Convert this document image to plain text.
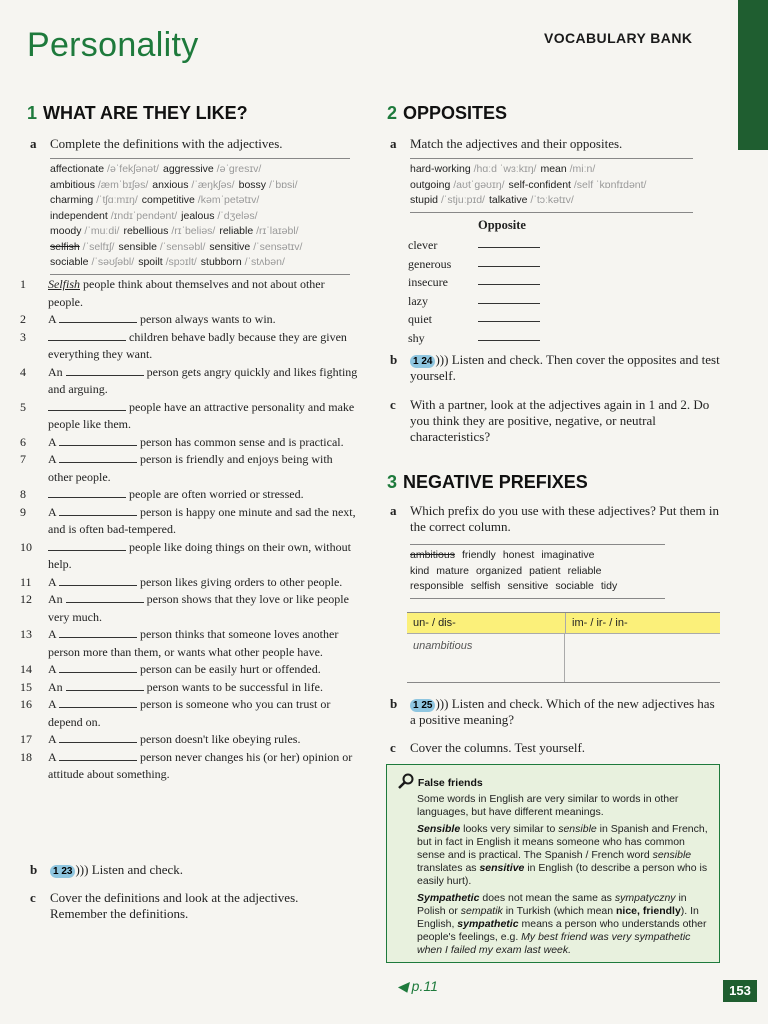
Personality	VOCABULARY BANK
1 WHAT ARE THEY LIKE?
a Complete the definitions with the adjectives.
affectionate /əˈfekʃənət/ aggressive /əˈgresɪv/
ambitious /æmˈbɪʃəs/ anxious /ˈæŋkʃəs/ bossy /ˈbɒsi/
charming /ˈtʃɑːmɪŋ/ competitive /kəmˈpetətɪv/
independent /ɪndɪˈpendənt/ jealous /ˈdʒeləs/
moody /ˈmuːdi/ rebellious /rɪˈbeliəs/ reliable /rɪˈlaɪəbl/
selfish /ˈselfɪʃ/ sensible /ˈsensəbl/ sensitive /ˈsensətɪv/
sociable /ˈsəʊʃəbl/ spoilt /spɔɪlt/ stubborn /ˈstʌbən/
1	Selfish people think about themselves and not about other people.
2	A	person always wants to win.
3	children behave badly because they are given everything they want.
4	An	person gets angry quickly and likes fighting and arguing.
5	people have an attractive personality and make people like them.
6	A	person has common sense and is practical.
7	A	person is friendly and enjoys being with other people.
8	people are often worried or stressed.
9	A	person is happy one minute and sad the next, and is often bad-tempered.
10	people like doing things on their own, without help.
11	A	person likes giving orders to other people.
12	An	person shows that they love or like people very much.
13	A	person thinks that someone loves another person more than them, or wants what other people have.
14	A	person can be easily hurt or offended.
15	An	person wants to be successful in life.
16	A	person is someone who you can trust or depend on.
17	A	person doesn't like obeying rules.
18	A	person never changes his (or her) opinion or attitude about something.
b 1 23 ))) Listen and check.
c	Cover the definitions and look at the adjectives. Remember the definitions.
2 OPPOSITES
a Match the adjectives and their opposites.
hard-working /hɑːd ˈwɜːkɪŋ/ mean /miːn/
outgoing /aʊtˈgəʊɪŋ/ self-confident /self ˈkɒnfɪdənt/
stupid /ˈstjuːpɪd/ talkative /ˈtɔːkətɪv/
Opposite
clever
generous
insecure
lazy
quiet
shy
b	1 24 ))) Listen and check. Then cover the opposites and test yourself.
c	With a partner, look at the adjectives again in 1 and 2. Do you think they are positive, negative, or neutral characteristics?
3 NEGATIVE PREFIXES
a	Which prefix do you use with these adjectives? Put them in the correct column.
ambitious friendly honest imaginative
kind mature organized patient reliable
responsible selfish sensitive sociable tidy
un- / dis-	im- / ir- / in-
unambitious
b	1 25 ))) Listen and check. Which of the new adjectives has a positive meaning?
c Cover the columns. Test yourself.

False friends

Some words in English are very similar to words in other languages, but have different meanings.

Sensible looks very similar to sensible in Spanish and French, but in fact in English it means someone who has common sense and is practical. The Spanish / French word sensible translates as sensitive in English (to describe a person who is easily hurt).

Sympathetic does not mean the same as sympatyczny in Polish or sempatik in Turkish (which mean nice, friendly). In English, sympathetic means a person who understands other people's feelings, e.g. My best friend was very sympathetic when I failed my exam last week.

◀ p.11	153
